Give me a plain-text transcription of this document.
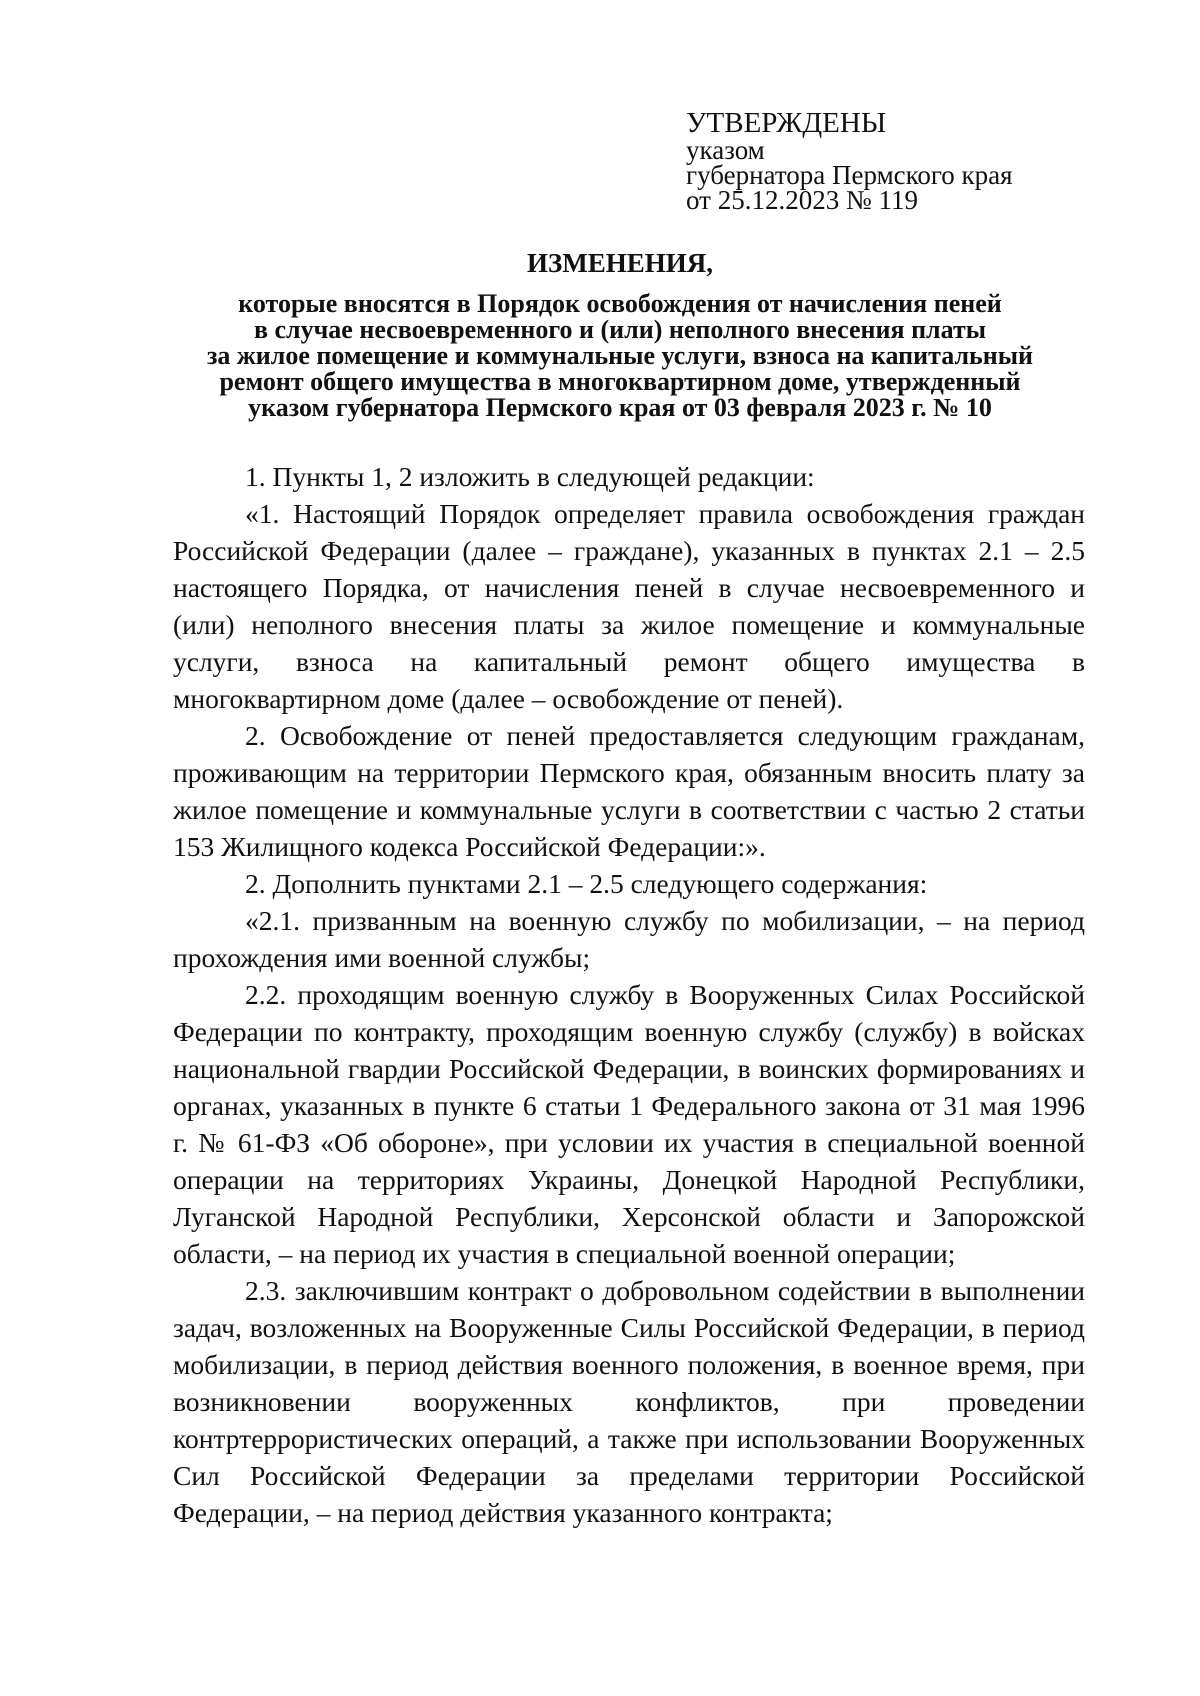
УТВЕРЖДЕНЫ
указом
губернатора Пермского края
от 25.12.2023 № 119
ИЗМЕНЕНИЯ,
которые вносятся в Порядок освобождения от начисления пеней
в случае несвоевременного и (или) неполного внесения платы
за жилое помещение и коммунальные услуги, взноса на капитальный
ремонт общего имущества в многоквартирном доме, утвержденный
указом губернатора Пермского края от 03 февраля 2023 г. № 10

1. Пункты 1, 2 изложить в следующей редакции:

«1. Настоящий Порядок определяет правила освобождения граждан Российской Федерации (далее – граждане), указанных в пунктах 2.1 – 2.5 настоящего Порядка, от начисления пеней в случае несвоевременного и (или) неполного внесения платы за жилое помещение и коммунальные услуги, взноса на капитальный ремонт общего имущества в многоквартирном доме (далее – освобождение от пеней).

2. Освобождение от пеней предоставляется следующим гражданам, проживающим на территории Пермского края, обязанным вносить плату за жилое помещение и коммунальные услуги в соответствии с частью 2 статьи 153 Жилищного кодекса Российской Федерации:».

2. Дополнить пунктами 2.1 – 2.5 следующего содержания:

«2.1. призванным на военную службу по мобилизации, – на период прохождения ими военной службы;

2.2. проходящим военную службу в Вооруженных Силах Российской Федерации по контракту, проходящим военную службу (службу) в войсках национальной гвардии Российской Федерации, в воинских формированиях и органах, указанных в пункте 6 статьи 1 Федерального закона от 31 мая 1996 г. № 61-ФЗ «Об обороне», при условии их участия в специальной военной операции на территориях Украины, Донецкой Народной Республики, Луганской Народной Республики, Херсонской области и Запорожской области, – на период их участия в специальной военной операции;

2.3. заключившим контракт о добровольном содействии в выполнении задач, возложенных на Вооруженные Силы Российской Федерации, в период мобилизации, в период действия военного положения, в военное время, при возникновении вооруженных конфликтов, при проведении контртеррористических операций, а также при использовании Вооруженных Сил Российской Федерации за пределами территории Российской Федерации, – на период действия указанного контракта;
